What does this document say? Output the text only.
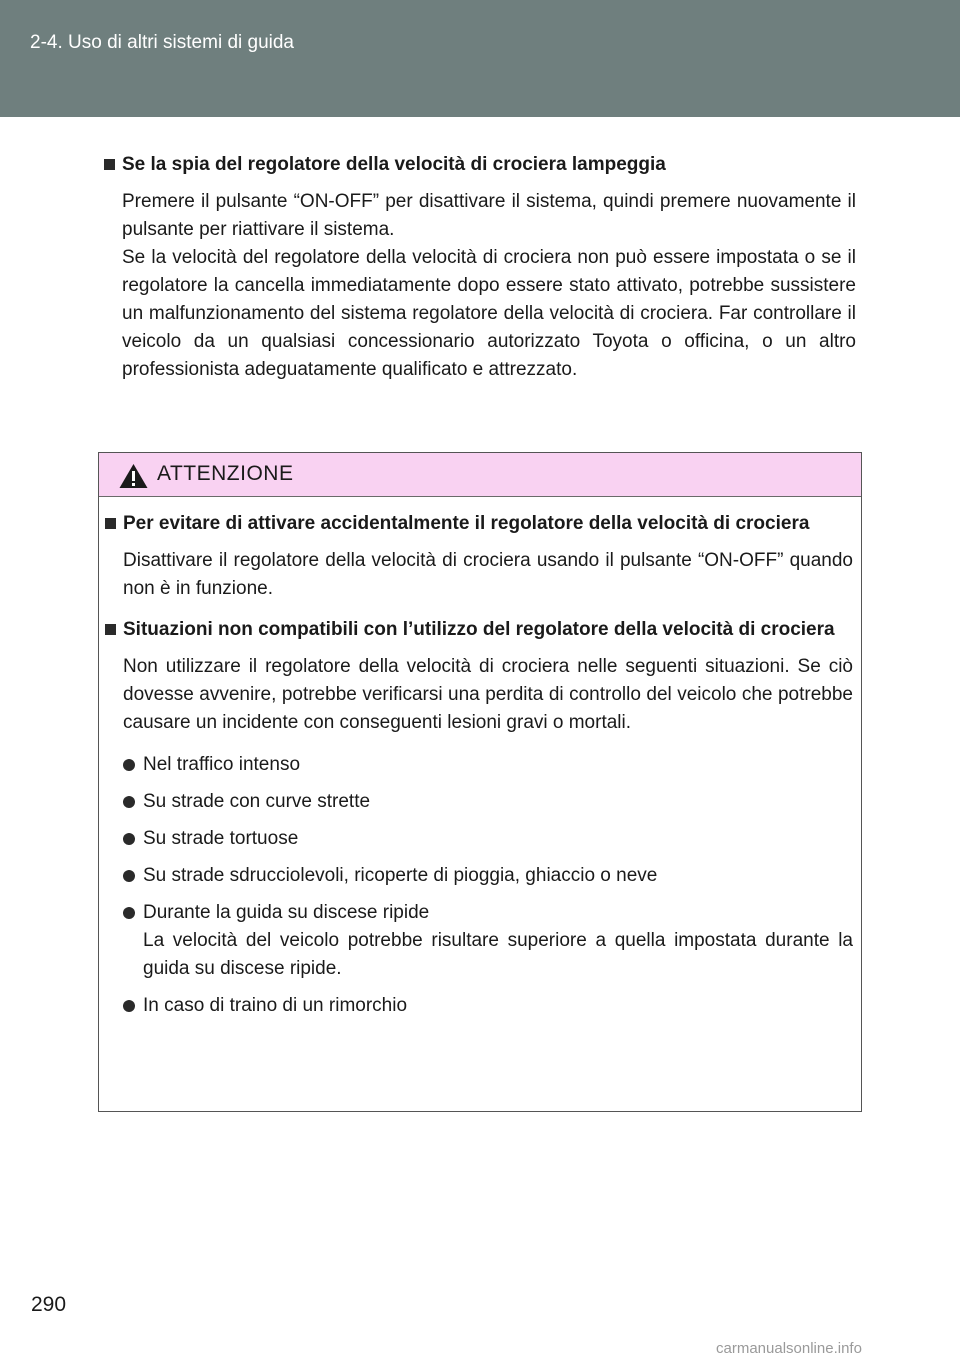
2-4. Uso di altri sistemi di guida
Se la spia del regolatore della velocità di crociera lampeggia
Premere il pulsante “ON-OFF” per disattivare il sistema, quindi premere nuovamente il pulsante per riattivare il sistema.
Se la velocità del regolatore della velocità di crociera non può essere impostata o se il regolatore la cancella immediatamente dopo essere stato attivato, potrebbe sussistere un malfunzionamento del sistema regolatore della velocità di crociera. Far controllare il veicolo da un qualsiasi concessionario autorizzato Toyota o officina, o un altro professionista adeguatamente qualificato e attrezzato.
ATTENZIONE
Per evitare di attivare accidentalmente il regolatore della velocità di crociera
Disattivare il regolatore della velocità di crociera usando il pulsante “ON-OFF” quando non è in funzione.
Situazioni non compatibili con l’utilizzo del regolatore della velocità di crociera
Non utilizzare il regolatore della velocità di crociera nelle seguenti situazioni. Se ciò dovesse avvenire, potrebbe verificarsi una perdita di controllo del veicolo che potrebbe causare un incidente con conseguenti lesioni gravi o mortali.
Nel traffico intenso
Su strade con curve strette
Su strade tortuose
Su strade sdrucciolevoli, ricoperte di pioggia, ghiaccio o neve
Durante la guida su discese ripide
La velocità del veicolo potrebbe risultare superiore a quella impostata durante la guida su discese ripide.
In caso di traino di un rimorchio
290
carmanualsonline.info
